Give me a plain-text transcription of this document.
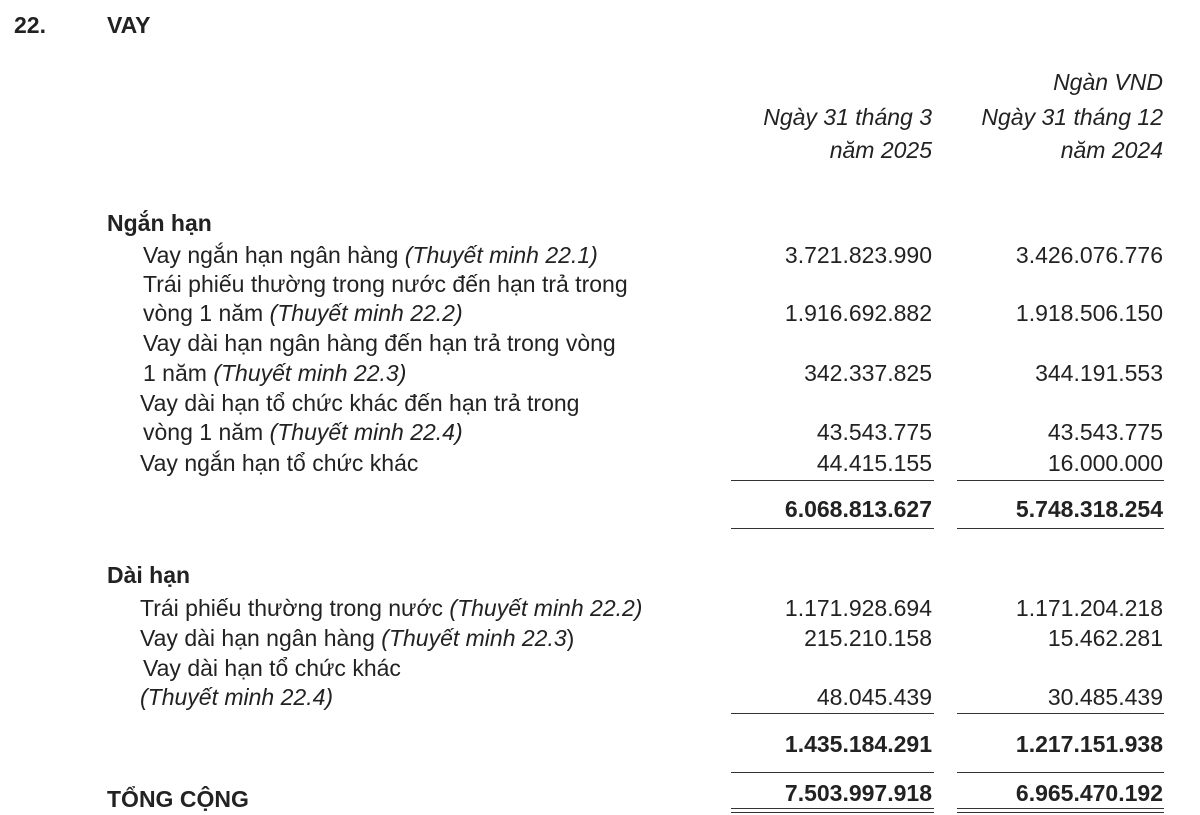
22.	VAY
Ngàn VND
Ngày 31 tháng 3
năm 2025
Ngày 31 tháng 12
năm 2024
Ngắn hạn
Vay ngắn hạn ngân hàng (Thuyết minh 22.1)	3.721.823.990	3.426.076.776
Trái phiếu thường trong nước đến hạn trả trong
vòng 1 năm (Thuyết minh 22.2)	1.916.692.882	1.918.506.150
Vay dài hạn ngân hàng đến hạn trả trong vòng
1 năm (Thuyết minh 22.3)	342.337.825	344.191.553
Vay dài hạn tổ chức khác đến hạn trả trong
vòng 1 năm (Thuyết minh 22.4)	43.543.775	43.543.775
Vay ngắn hạn tổ chức khác	44.415.155	16.000.000
6.068.813.627	5.748.318.254
Dài hạn
Trái phiếu thường trong nước (Thuyết minh 22.2)	1.171.928.694	1.171.204.218
Vay dài hạn ngân hàng (Thuyết minh 22.3)	215.210.158	15.462.281
Vay dài hạn tổ chức khác
(Thuyết minh 22.4)	48.045.439	30.485.439
1.435.184.291	1.217.151.938
TỔNG CỘNG	7.503.997.918	6.965.470.192
